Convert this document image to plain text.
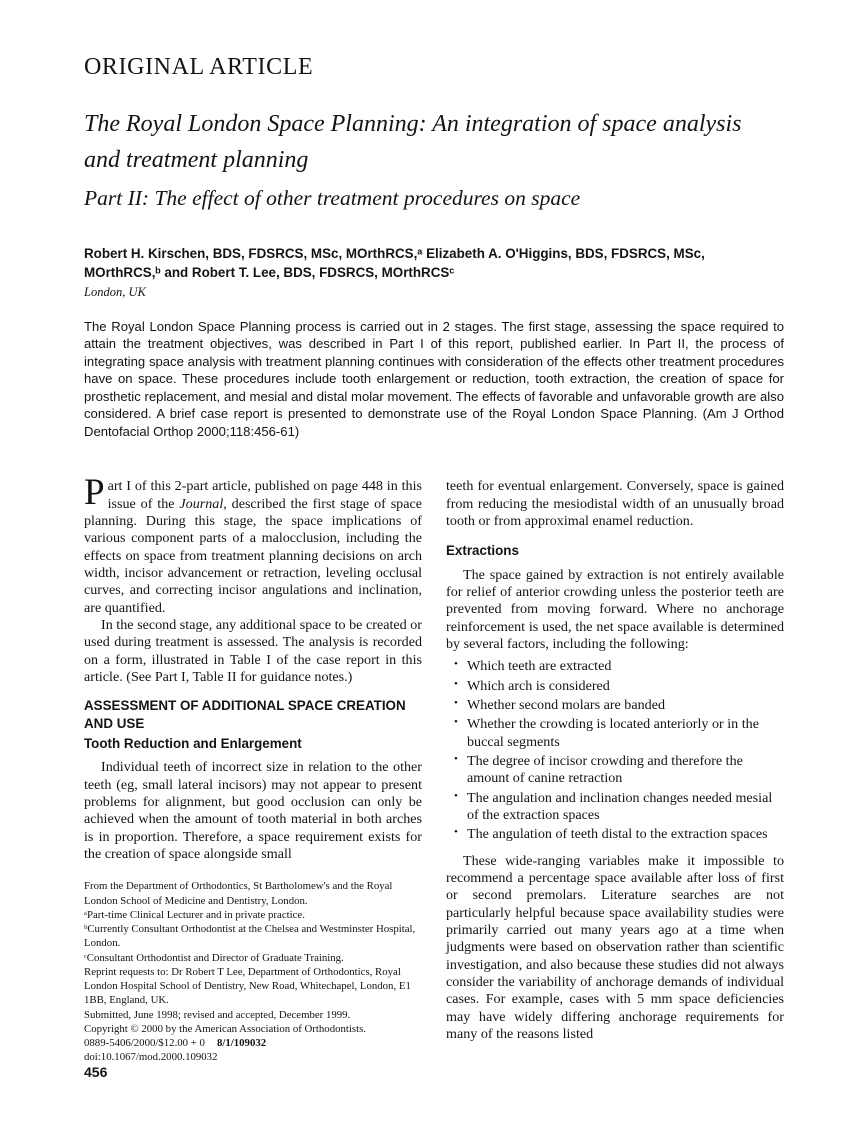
ORIGINAL ARTICLE
The Royal London Space Planning: An integration of space analysis and treatment planning
Part II: The effect of other treatment procedures on space
Robert H. Kirschen, BDS, FDSRCS, MSc, MOrthRCS,ᵃ Elizabeth A. O'Higgins, BDS, FDSRCS, MSc, MOrthRCS,ᵇ and Robert T. Lee, BDS, FDSRCS, MOrthRCSᶜ
London, UK

The Royal London Space Planning process is carried out in 2 stages. The first stage, assessing the space required to attain the treatment objectives, was described in Part I of this report, published earlier. In Part II, the process of integrating space analysis with treatment planning continues with consideration of the effects other treatment procedures have on space. These procedures include tooth enlargement or reduction, tooth extraction, the creation of space for prosthetic replacement, and mesial and distal molar movement. The effects of favorable and unfavorable growth are also considered. A brief case report is presented to demonstrate use of the Royal London Space Planning. (Am J Orthod Dentofacial Orthop 2000;118:456-61)

Part I of this 2-part article, published on page 448 in this issue of the Journal, described the first stage of space planning. During this stage, the space implications of various component parts of a malocclusion, including the effects on space from treatment planning decisions on arch width, incisor advancement or retraction, leveling occlusal curves, and correcting incisor angulations and inclination, are quantified.

In the second stage, any additional space to be created or used during treatment is assessed. The analysis is recorded on a form, illustrated in Table I of the case report in this article. (See Part I, Table II for guidance notes.)

ASSESSMENT OF ADDITIONAL SPACE CREATION AND USE
Tooth Reduction and Enlargement

Individual teeth of incorrect size in relation to the other teeth (eg, small lateral incisors) may not appear to present problems for alignment, but good occlusion can only be achieved when the amount of tooth material in both arches is in proportion. Therefore, a space requirement exists for the creation of space alongside small

From the Department of Orthodontics, St Bartholomew's and the Royal London School of Medicine and Dentistry, London.

ᵃPart-time Clinical Lecturer and in private practice.

ᵇCurrently Consultant Orthodontist at the Chelsea and Westminster Hospital, London.

ᶜConsultant Orthodontist and Director of Graduate Training.

Reprint requests to: Dr Robert T Lee, Department of Orthodontics, Royal London Hospital School of Dentistry, New Road, Whitechapel, London, E1 1BB, England, UK.

Submitted, June 1998; revised and accepted, December 1999.

Copyright © 2000 by the American Association of Orthodontists.

0889-5406/2000/$12.00 + 0 8/1/109032

doi:10.1067/mod.2000.109032

teeth for eventual enlargement. Conversely, space is gained from reducing the mesiodistal width of an unusually broad tooth or from approximal enamel reduction.

Extractions

The space gained by extraction is not entirely available for relief of anterior crowding unless the posterior teeth are prevented from moving forward. Where no anchorage reinforcement is used, the net space available is determined by several factors, including the following:

• Which teeth are extracted
• Which arch is considered
• Whether second molars are banded
• Whether the crowding is located anteriorly or in the buccal segments
• The degree of incisor crowding and therefore the amount of canine retraction
• The angulation and inclination changes needed mesial of the extraction spaces
• The angulation of teeth distal to the extraction spaces

These wide-ranging variables make it impossible to recommend a percentage space available after loss of first or second premolars. Literature searches are not particularly helpful because space availability studies were primarily carried out many years ago at a time when judgments were based on observation rather than scientific investigation, and also because these studies did not always consider the variability of anchorage demands of individual cases. For example, cases with 5 mm space deficiencies may have widely differing anchorage requirements for many of the reasons listed

456
